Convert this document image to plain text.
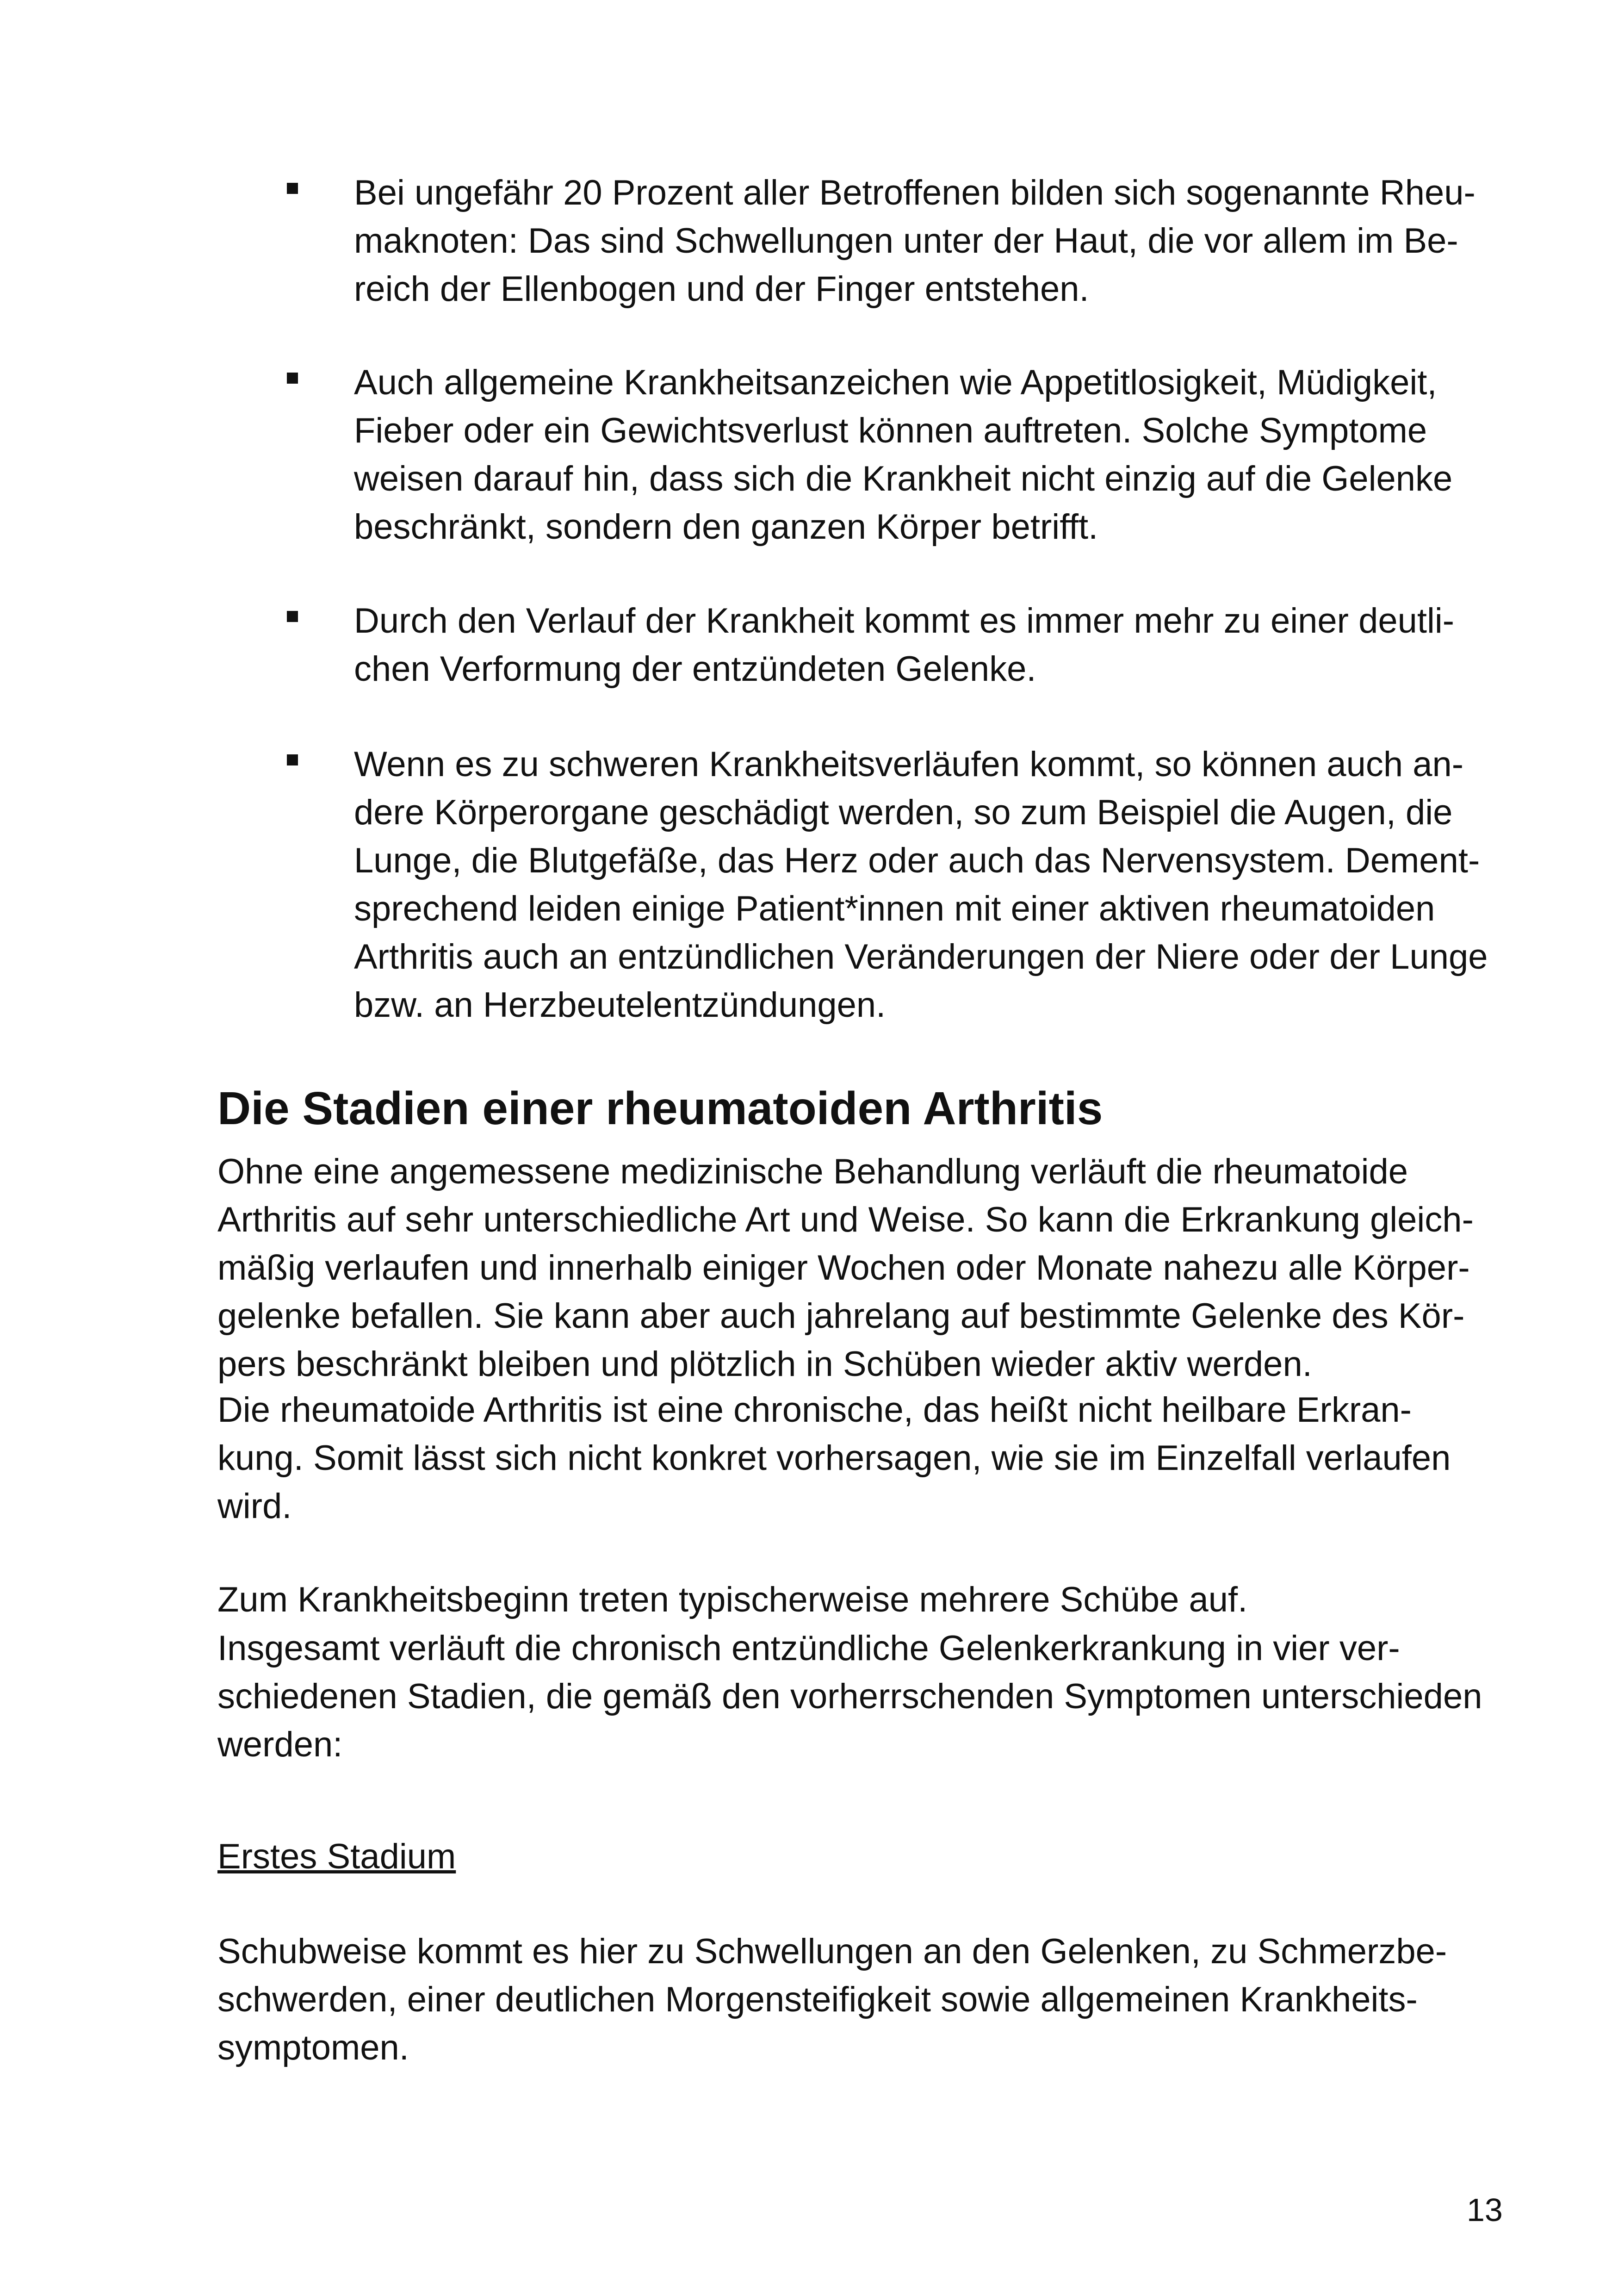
Bei ungefähr 20 Prozent aller Betroffenen bilden sich sogenannte Rheu-
maknoten: Das sind Schwellungen unter der Haut, die vor allem im Be-
reich der Ellenbogen und der Finger entstehen.
Auch allgemeine Krankheitsanzeichen wie Appetitlosigkeit, Müdigkeit,
Fieber oder ein Gewichtsverlust können auftreten. Solche Symptome
weisen darauf hin, dass sich die Krankheit nicht einzig auf die Gelenke
beschränkt, sondern den ganzen Körper betrifft.
Durch den Verlauf der Krankheit kommt es immer mehr zu einer deutli-
chen Verformung der entzündeten Gelenke.
Wenn es zu schweren Krankheitsverläufen kommt, so können auch an-
dere Körperorgane geschädigt werden, so zum Beispiel die Augen, die
Lunge, die Blutgefäße, das Herz oder auch das Nervensystem. Dement-
sprechend leiden einige Patient*innen mit einer aktiven rheumatoiden
Arthritis auch an entzündlichen Veränderungen der Niere oder der Lunge
bzw. an Herzbeutelentzündungen.
Die Stadien einer rheumatoiden Arthritis
Ohne eine angemessene medizinische Behandlung verläuft die rheumatoide
Arthritis auf sehr unterschiedliche Art und Weise. So kann die Erkrankung gleich-
mäßig verlaufen und innerhalb einiger Wochen oder Monate nahezu alle Körper-
gelenke befallen. Sie kann aber auch jahrelang auf bestimmte Gelenke des Kör-
pers beschränkt bleiben und plötzlich in Schüben wieder aktiv werden.
Die rheumatoide Arthritis ist eine chronische, das heißt nicht heilbare Erkran-
kung. Somit lässt sich nicht konkret vorhersagen, wie sie im Einzelfall verlaufen
wird.
Zum Krankheitsbeginn treten typischerweise mehrere Schübe auf.
Insgesamt verläuft die chronisch entzündliche Gelenkerkrankung in vier ver-
schiedenen Stadien, die gemäß den vorherrschenden Symptomen unterschieden
werden:
Erstes Stadium
Schubweise kommt es hier zu Schwellungen an den Gelenken, zu Schmerzbe-
schwerden, einer deutlichen Morgensteifigkeit sowie allgemeinen Krankheits-
symptomen.
13
